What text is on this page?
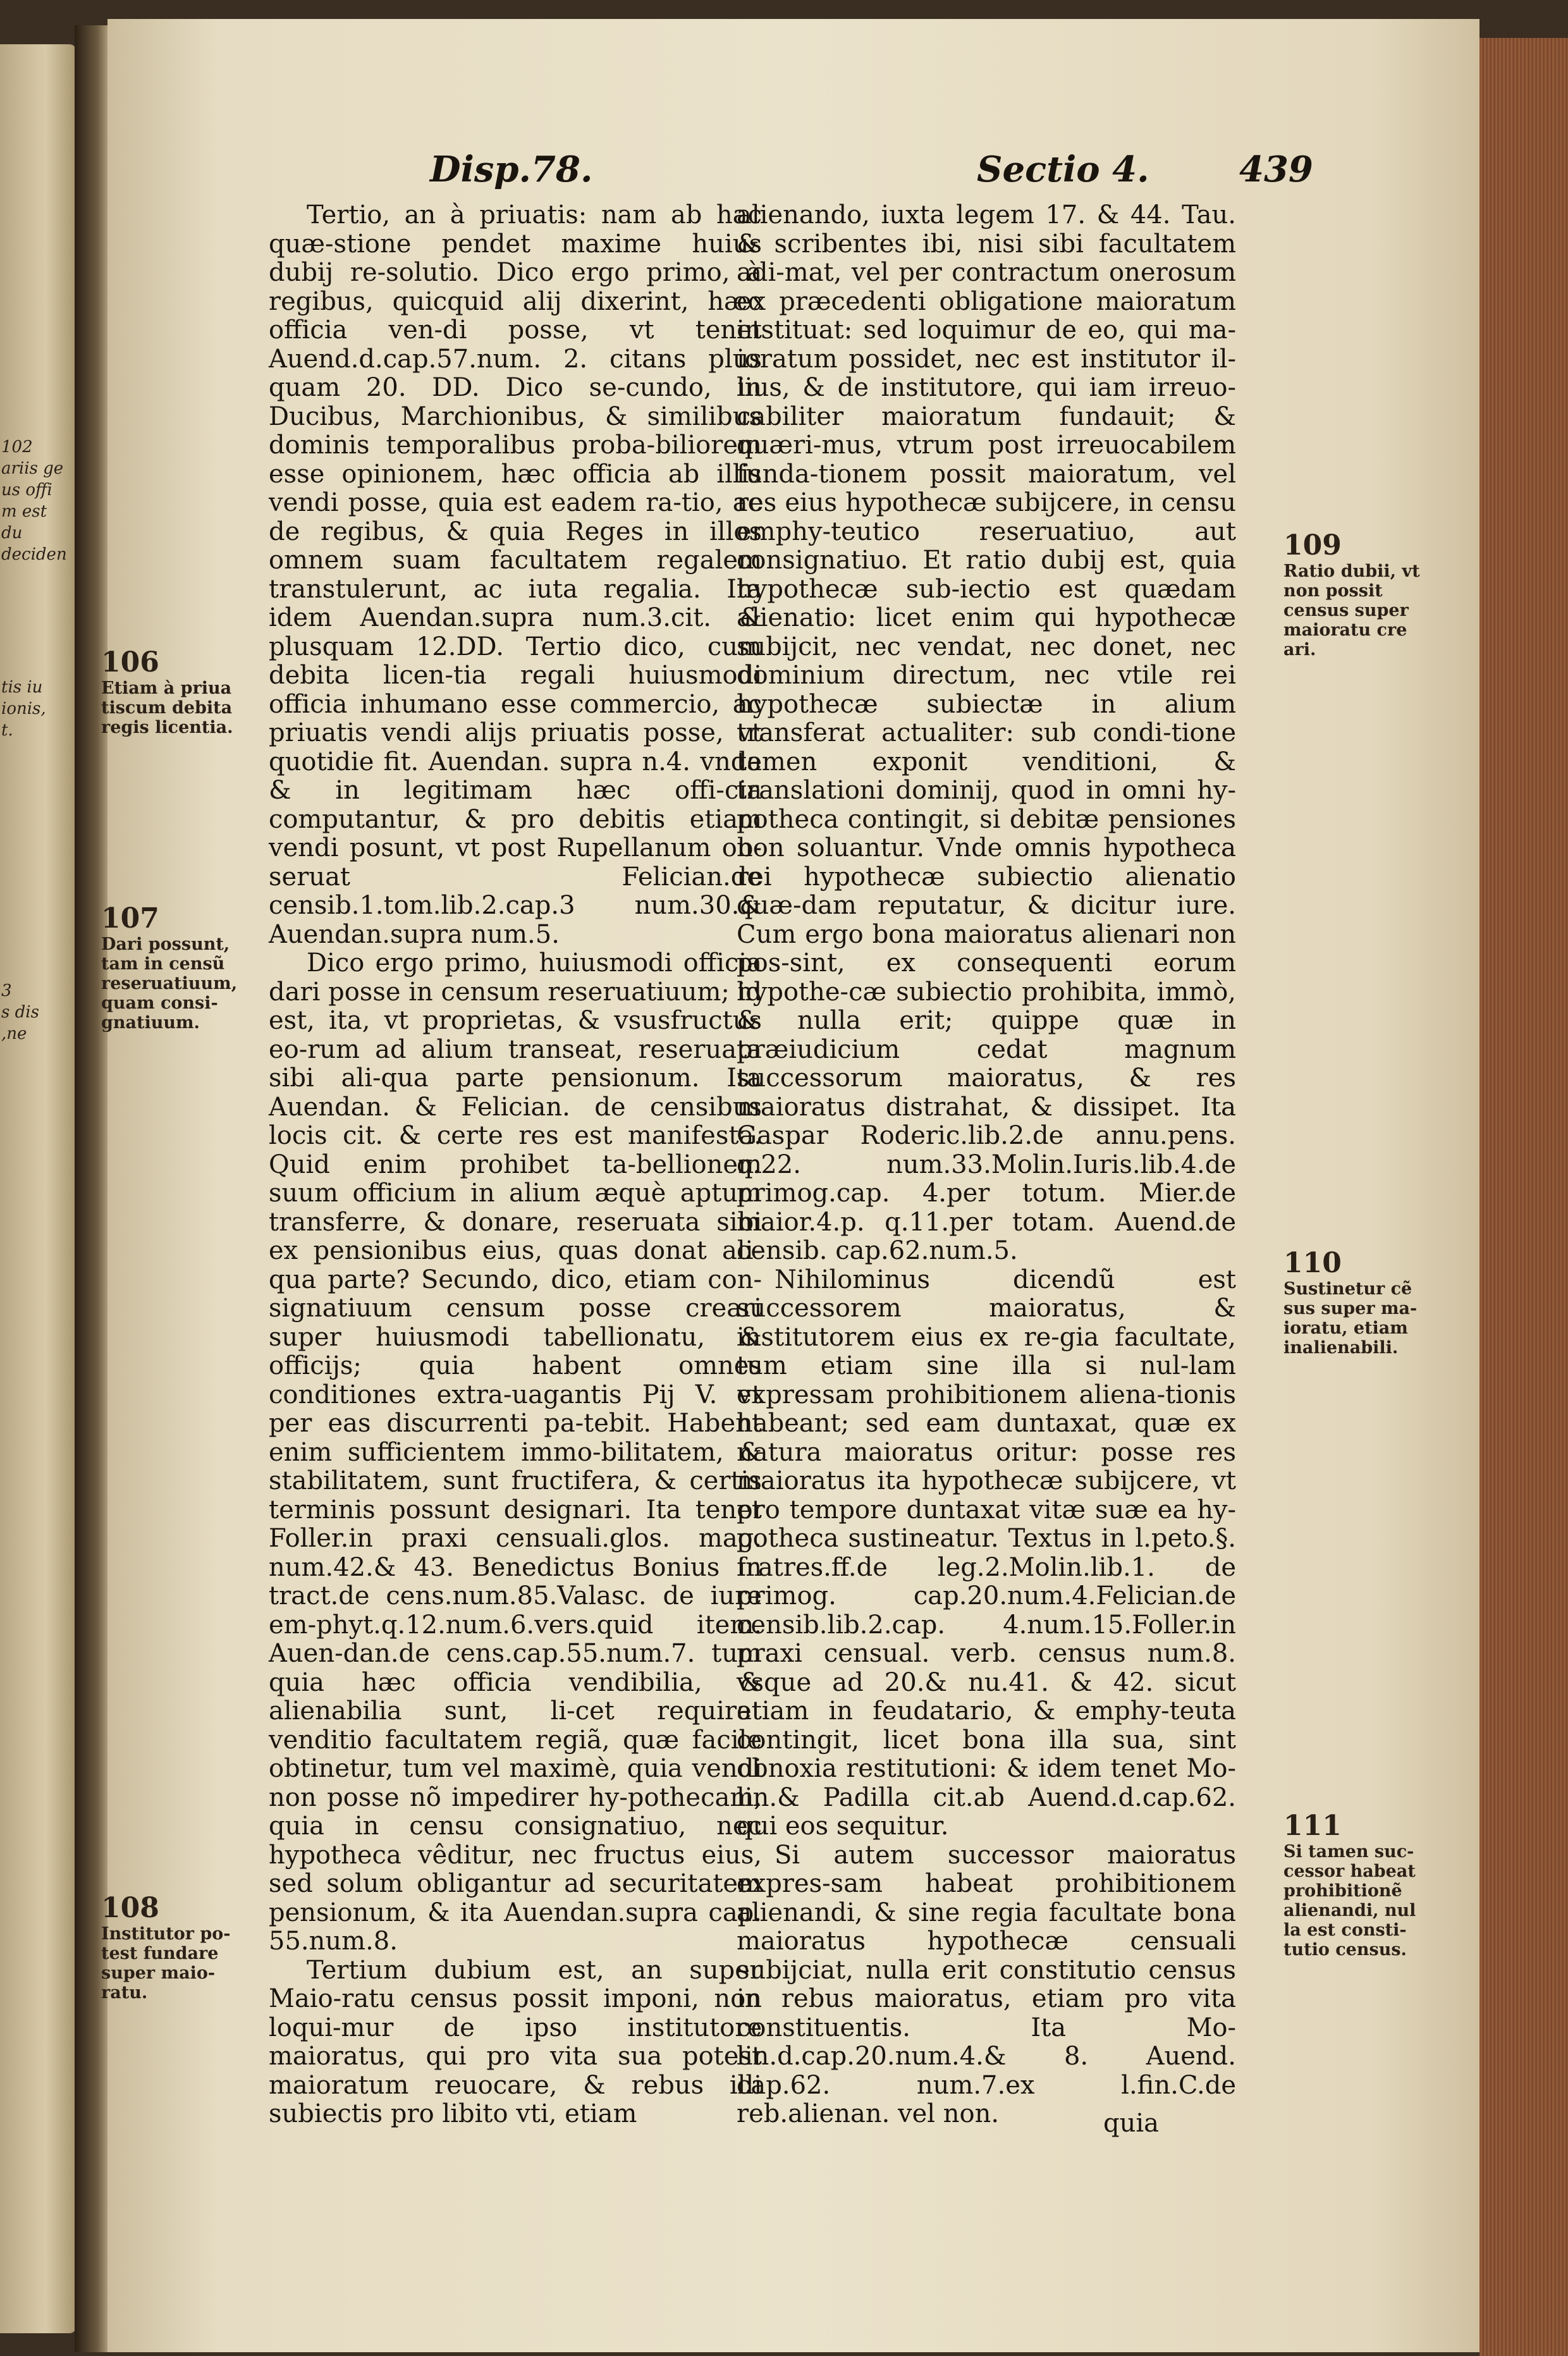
102
ariis ge
us offi
m est du
deciden
tis iu
ionis,
t.
3
s dis
,ne
Disp.78.	Sectio 4.	439

Tertio, an à priuatis: nam ab hac quæ-stione pendet maxime huius dubij re-solutio. Dico ergo primo, à regibus, quicquid alij dixerint, hæc officia ven-di posse, vt tenet Auend.d.cap.57.num. 2. citans plus quam 20. DD. Dico se-cundo, in Ducibus, Marchionibus, & similibus dominis temporalibus proba-biliorem esse opinionem, hæc officia ab illis vendi posse, quia est eadem ra-tio, ac de regibus, & quia Reges in illos omnem suam facultatem regalem transtulerunt, ac iuta regalia. Ita idem Auendan.supra num.3.cit. & plusquam 12.DD. Tertio dico, cum debita licen-tia regali huiusmodi officia inhumano esse commercio, ac priuatis vendi alijs priuatis posse, vt quotidie fit. Auendan. supra n.4. vnde & in legitimam hæc offi-cia computantur, & pro debitis etiam vendi posunt, vt post Rupellanum ob-seruat Felician.de censib.1.tom.lib.2.cap.3 num.30.& Auendan.supra num.5.

Dico ergo primo, huiusmodi officia dari posse in censum reseruatiuum; id est, ita, vt proprietas, & vsusfructus eo-rum ad alium transeat, reseruata sibi ali-qua parte pensionum. Ita Auendan. & Felician. de censibus locis cit. & certe res est manifesta. Quid enim prohibet ta-bellionem suum officium in alium æquè aptum transferre, & donare, reseruata sibi ex pensionibus eius, quas donat ali-qua parte? Secundo, dico, etiam con-signatiuum censum posse creari super huiusmodi tabellionatu, & officijs; quia habent omnes conditiones extra-uagantis Pij V. vt per eas discurrenti pa-tebit. Habent enim sufficientem immo-bilitatem, & stabilitatem, sunt fructifera, & certis terminis possunt designari. Ita tenet Foller.in praxi censuali.glos. mag. num.42.& 43. Benedictus Bonius in tract.de cens.num.85.Valasc. de iure em-phyt.q.12.num.6.vers.quid item. Auen-dan.de cens.cap.55.num.7. tum quia hæc officia vendibilia, & alienabilia sunt, li-cet requirat venditio facultatem regiã, quæ facile obtinetur, tum vel maximè, quia vendi non posse nõ impedirer hy-pothecam, quia in censu consignatiuo, nec hypotheca vêditur, nec fructus eius, sed solum obligantur ad securitatem pensionum, & ita Auendan.supra cap. 55.num.8.

Tertium dubium est, an super Maio-ratu census possit imponi, non loqui-mur de ipso institutore maioratus, qui pro vita sua potest maioratum reuocare, & rebus illi subiectis pro libito vti, etiam

alienando, iuxta legem 17. & 44. Tau. & scribentes ibi, nisi sibi facultatem adi-mat, vel per contractum onerosum ex præcedenti obligatione maioratum instituat: sed loquimur de eo, qui ma-ioratum possidet, nec est institutor il-lius, & de institutore, qui iam irreuo-cabiliter maioratum fundauit; & quæri-mus, vtrum post irreuocabilem funda-tionem possit maioratum, vel res eius hypothecæ subijcere, in censu emphy-teutico reseruatiuo, aut consignatiuo. Et ratio dubij est, quia hypothecæ sub-iectio est quædam alienatio: licet enim qui hypothecæ subijcit, nec vendat, nec donet, nec dominium directum, nec vtile rei hypothecæ subiectæ in alium transferat actualiter: sub condi-tione tamen exponit venditioni, & translationi dominij, quod in omni hy-potheca contingit, si debitæ pensiones non soluantur. Vnde omnis hypotheca rei hypothecæ subiectio alienatio quæ-dam reputatur, & dicitur iure. Cum ergo bona maioratus alienari non pos-sint, ex consequenti eorum hypothe-cæ subiectio prohibita, immò, & nulla erit; quippe quæ in præiudicium cedat magnum successorum maioratus, & res maioratus distrahat, & dissipet. Ita Gaspar Roderic.lib.2.de annu.pens. q.22. num.33.Molin.Iuris.lib.4.de primog.cap. 4.per totum. Mier.de maior.4.p. q.11.per totam. Auend.de censib. cap.62.num.5.

Nihilominus dicendũ est successorem maioratus, & institutorem eius ex re-gia facultate, tum etiam sine illa si nul-lam expressam prohibitionem aliena-tionis habeant; sed eam duntaxat, quæ ex natura maioratus oritur: posse res maioratus ita hypothecæ subijcere, vt pro tempore duntaxat vitæ suæ ea hy-potheca sustineatur. Textus in l.peto.§. fratres.ff.de leg.2.Molin.lib.1. de primog. cap.20.num.4.Felician.de censib.lib.2.cap. 4.num.15.Foller.in praxi censual. verb. census num.8. vsque ad 20.& nu.41. & 42. sicut etiam in feudatario, & emphy-teuta contingit, licet bona illa sua, sint obnoxia restitutioni: & idem tenet Mo-lin.& Padilla cit.ab Auend.d.cap.62. qui eos sequitur.

Si autem successor maioratus expres-sam habeat prohibitionem alienandi, & sine regia facultate bona maioratus hypothecæ censuali subijciat, nulla erit constitutio census in rebus maioratus, etiam pro vita constituentis. Ita Mo-lin.d.cap.20.num.4.& 8. Auend. cap.62. num.7.ex l.fin.C.de reb.alienan. vel non.	quia
106
Etiam à priua tiscum debita regis licentia.
107
Dari possunt, tam in censũ reseruatiuum, quam consi-gnatiuum.
108
Institutor po-test fundare super maio-ratu.
109
Ratio dubii, vt non possit census super maioratu cre ari.
110
Sustinetur cẽ sus super ma-ioratu, etiam inalienabili.
111
Si tamen suc-cessor habeat prohibitionẽ alienandi, nul la est consti-tutio census.
